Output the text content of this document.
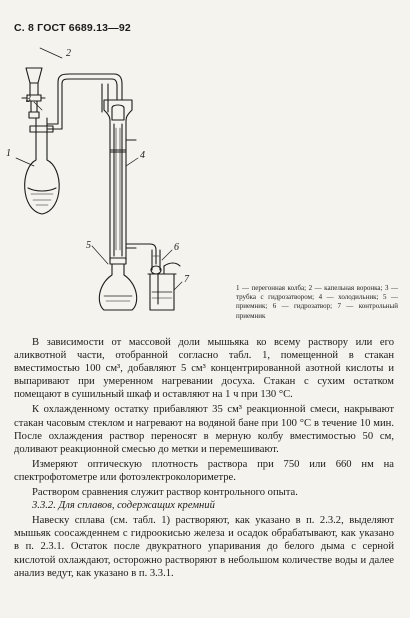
С. 8 ГОСТ 6689.13—92
1
2
3
4
5	6
7
1 — перегонная колба; 2 — капельная воронка; 3 — трубка с гидрозатвором; 4 — холодильник; 5 — приемник; 6 — гидрозатвор; 7 — контрольный приемник

В зависимости от массовой доли мышьяка ко всему раствору или его аликвотной части, отобранной согласно табл. 1, помещенной в стакан вместимостью 100 см³, добавляют 5 см³ концентрированной азотной кислоты и выпаривают при умеренном нагревании досуха. Стакан с сухим остатком помещают в сушильный шкаф и оставляют на 1 ч при 130 °С.

К охлажденному остатку прибавляют 35 см³ реакционной смеси, накрывают стакан часовым стеклом и нагревают на водяной бане при 100 °С в течение 10 мин. После охлаждения раствор переносят в мерную колбу вместимостью 50 см, доливают реакционной смесью до метки и перемешивают.

Измеряют оптическую плотность раствора при 750 или 660 нм на спектрофотометре или фотоэлектроколориметре.

Раствором сравнения служит раствор контрольного опыта.

3.3.2. Для сплавов, содержащих кремний

Навеску сплава (см. табл. 1) растворяют, как указано в п. 2.3.2, выделяют мышьяк соосажденнем с гидроокисью железа и осадок обрабатывают, как указано в п. 2.3.1. Остаток после двукратного упаривания до белого дыма с серной кислотой охлаждают, осторожно растворяют в небольшом количестве воды и далее анализ ведут, как указано в п. 3.3.1.
